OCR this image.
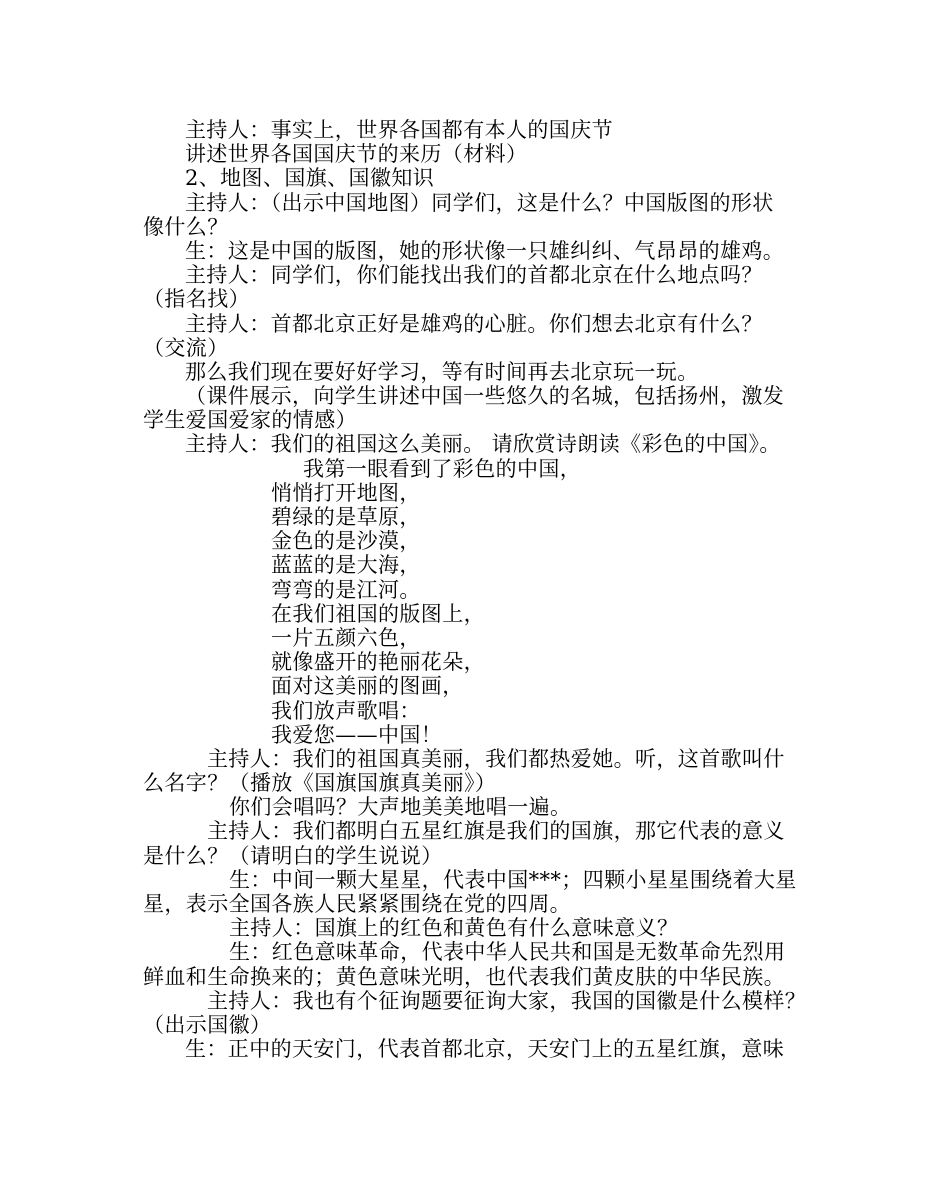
主持人：事实上，世界各国都有本人的国庆节
讲述世界各国国庆节的来历（材料）
2、地图、国旗、国徽知识
主持人：（出示中国地图）同学们，这是什么？中国版图的形状
像什么？
生：这是中国的版图，她的形状像一只雄纠纠、气昂昂的雄鸡。
主持人：同学们，你们能找出我们的首都北京在什么地点吗？
（指名找）
主持人：首都北京正好是雄鸡的心脏。你们想去北京有什么？
（交流）
那么我们现在要好好学习，等有时间再去北京玩一玩。
（课件展示，向学生讲述中国一些悠久的名城，包括扬州，激发
学生爱国爱家的情感）
主持人：我们的祖国这么美丽。 请欣赏诗朗读《彩色的中国》。
我第一眼看到了彩色的中国，
悄悄打开地图，
碧绿的是草原，
金色的是沙漠，
蓝蓝的是大海，
弯弯的是江河。
在我们祖国的版图上，
一片五颜六色，
就像盛开的艳丽花朵，
面对这美丽的图画，
我们放声歌唱：
我爱您——中国！
主持人：我们的祖国真美丽，我们都热爱她。听，这首歌叫什
么名字？（播放《国旗国旗真美丽》）
你们会唱吗？大声地美美地唱一遍。
主持人：我们都明白五星红旗是我们的国旗，那它代表的意义
是什么？（请明白的学生说说）
生：中间一颗大星星，代表中国***；四颗小星星围绕着大星
星，表示全国各族人民紧紧围绕在党的四周。
主持人：国旗上的红色和黄色有什么意味意义？
生：红色意味革命，代表中华人民共和国是无数革命先烈用
鲜血和生命换来的；黄色意味光明，也代表我们黄皮肤的中华民族。
主持人：我也有个征询题要征询大家，我国的国徽是什么模样？
（出示国徽）
生：正中的天安门，代表首都北京，天安门上的五星红旗，意味
